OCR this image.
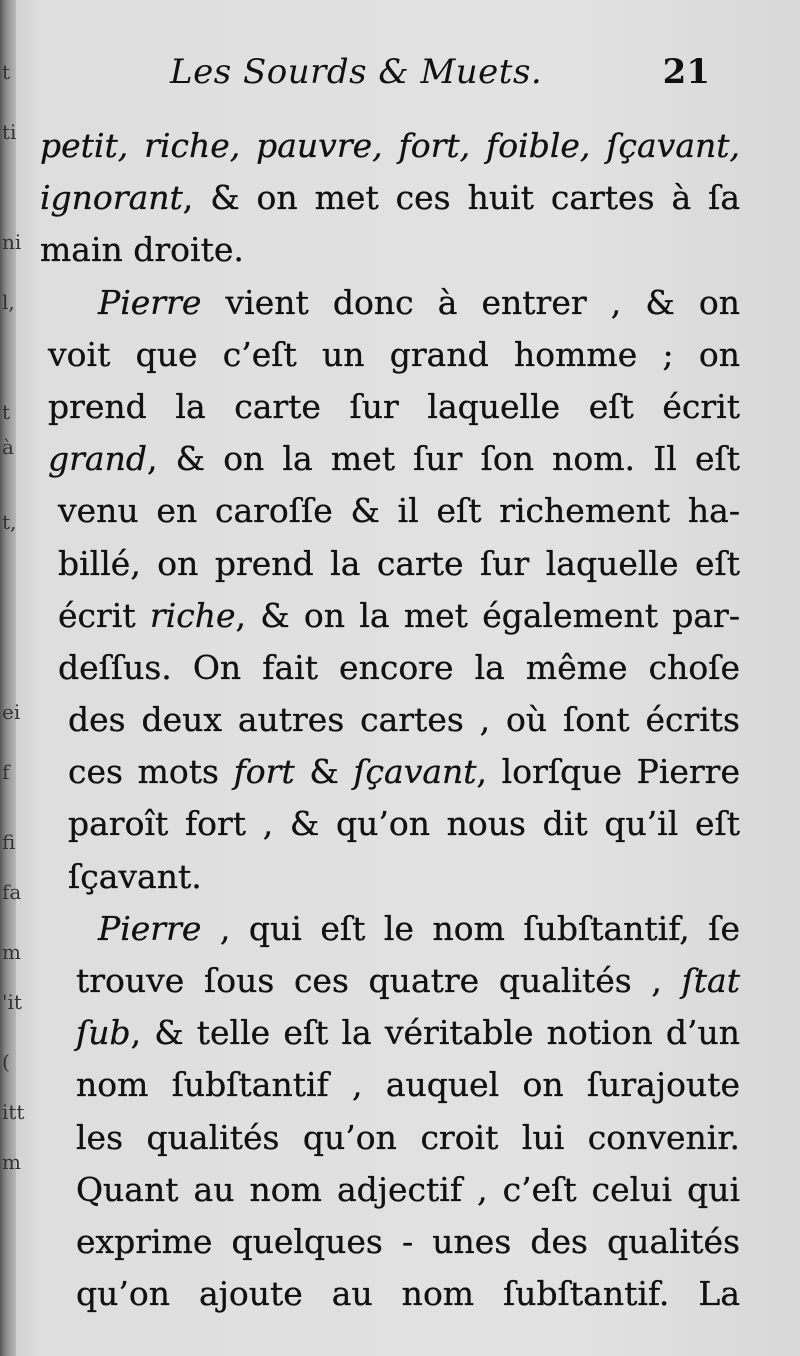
t
ti
ni
l,
t
à
t,
ei
f
fi
fa
m
'it
(
itt
m
Les Sourds & Muets.	21
petit, riche, pauvre, fort, foible, ſçavant,
ignorant, & on met ces huit cartes à ſa
main droite.
Pierre vient donc à entrer , & on
voit que c’eſt un grand homme ; on
prend la carte ſur laquelle eſt écrit
grand, & on la met ſur ſon nom. Il eſt
venu en caroſſe & il eſt richement ha-
billé, on prend la carte ſur laquelle eſt
écrit riche, & on la met également par-
deſſus. On fait encore la même choſe
des deux autres cartes , où ſont écrits
ces mots fort & ſçavant, lorſque Pierre
paroît fort , & qu’on nous dit qu’il eſt
ſçavant.
Pierre , qui eſt le nom ſubſtantif, ſe
trouve ſous ces quatre qualités , ſtat
ſub, & telle eſt la véritable notion d’un
nom ſubſtantif , auquel on ſurajoute
les qualités qu’on croit lui convenir.
Quant au nom adjectif , c’eſt celui qui
exprime quelques - unes des qualités
qu’on ajoute au nom ſubſtantif. La
